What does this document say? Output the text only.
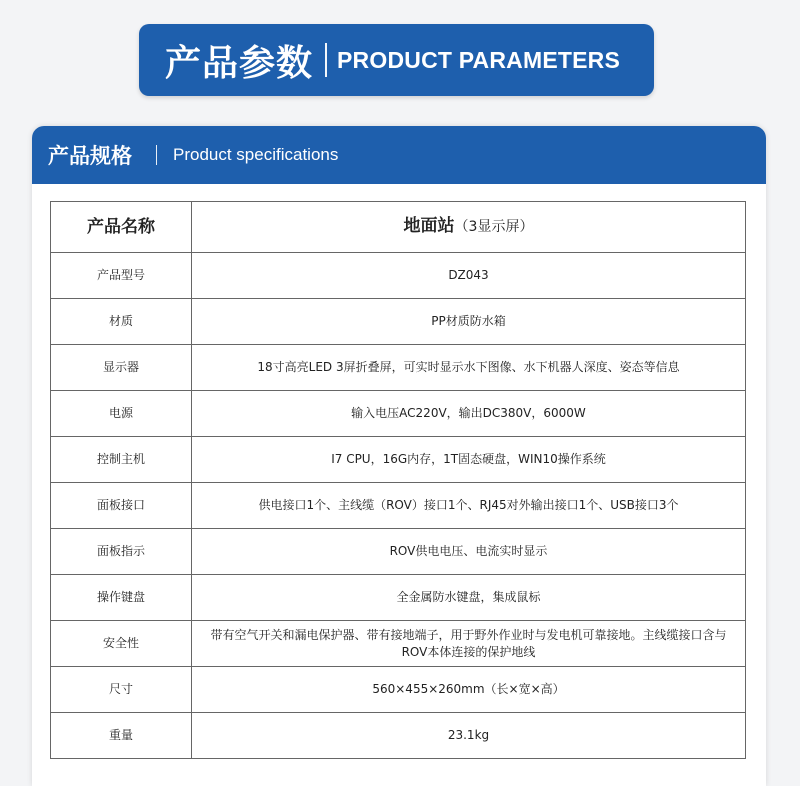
产品参数 PRODUCT PARAMETERS
产品规格 Product specifications
产品名称	地面站（3显示屏）
产品型号	DZ043
材质	PP材质防水箱
显示器	18寸高亮LED 3屏折叠屏，可实时显示水下图像、水下机器人深度、姿态等信息
电源	输入电压AC220V，输出DC380V，6000W
控制主机	I7 CPU，16G内存，1T固态硬盘，WIN10操作系统
面板接口	供电接口1个、主线缆（ROV）接口1个、RJ45对外输出接口1个、USB接口3个
面板指示	ROV供电电压、电流实时显示
操作键盘	全金属防水键盘，集成鼠标
安全性	带有空气开关和漏电保护器、带有接地端子，用于野外作业时与发电机可靠接地。主线缆接口含与ROV本体连接的保护地线
尺寸	560×455×260mm（长×宽×高）
重量	23.1kg
